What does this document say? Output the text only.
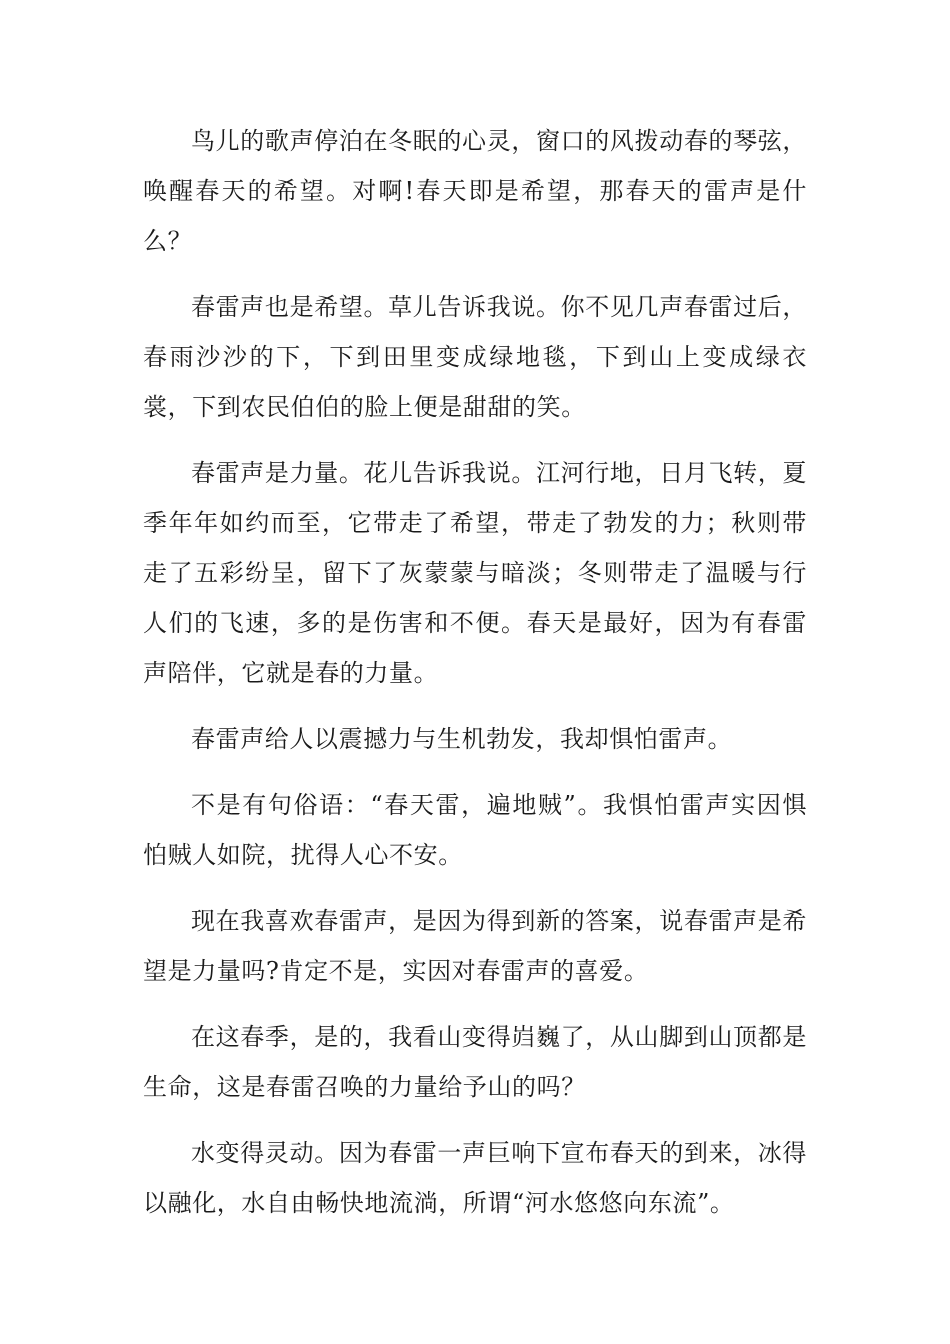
鸟儿的歌声停泊在冬眠的心灵，窗口的风拨动春的琴弦，唤醒春天的希望。对啊!春天即是希望，那春天的雷声是什么？

春雷声也是希望。草儿告诉我说。你不见几声春雷过后，春雨沙沙的下，下到田里变成绿地毯，下到山上变成绿衣裳，下到农民伯伯的脸上便是甜甜的笑。

春雷声是力量。花儿告诉我说。江河行地，日月飞转，夏季年年如约而至，它带走了希望，带走了勃发的力；秋则带走了五彩纷呈，留下了灰蒙蒙与暗淡；冬则带走了温暖与行人们的飞速，多的是伤害和不便。春天是最好，因为有春雷声陪伴，它就是春的力量。

春雷声给人以震撼力与生机勃发，我却惧怕雷声。

不是有句俗语：“春天雷，遍地贼”。我惧怕雷声实因惧怕贼人如院，扰得人心不安。

现在我喜欢春雷声，是因为得到新的答案，说春雷声是希望是力量吗?肯定不是，实因对春雷声的喜爱。

在这春季，是的，我看山变得岿巍了，从山脚到山顶都是生命，这是春雷召唤的力量给予山的吗？

水变得灵动。因为春雷一声巨响下宣布春天的到来，冰得以融化，水自由畅快地流淌，所谓“河水悠悠向东流”。
